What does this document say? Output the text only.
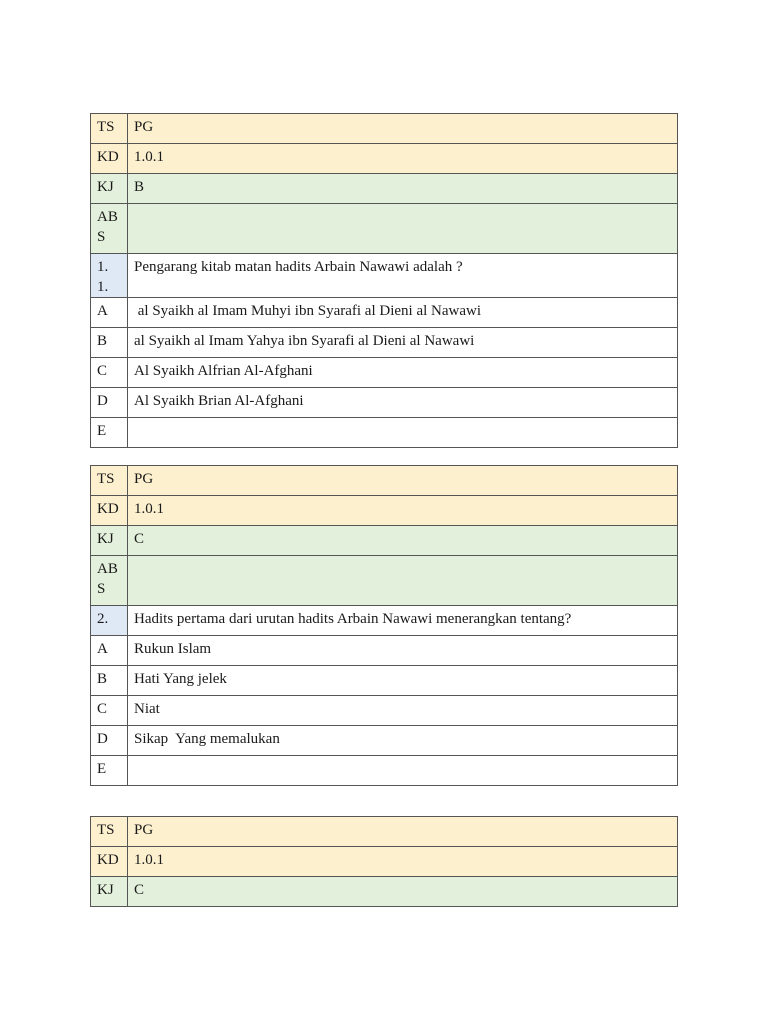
TS	PG
KD	1.0.1
KJ	B
AB S	
1. 1.	Pengarang kitab matan hadits Arbain Nawawi adalah ?
A	al Syaikh al Imam Muhyi ibn Syarafi al Dieni al Nawawi
B	al Syaikh al Imam Yahya ibn Syarafi al Dieni al Nawawi
C	Al Syaikh Alfrian Al-Afghani
D	Al Syaikh Brian Al-Afghani
E	
TS	PG
KD	1.0.1
KJ	C
AB S	
2.	Hadits pertama dari urutan hadits Arbain Nawawi menerangkan tentang?
A	Rukun Islam
B	Hati Yang jelek
C	Niat
D	Sikap  Yang memalukan
E	
TS	PG
KD	1.0.1
KJ	C
